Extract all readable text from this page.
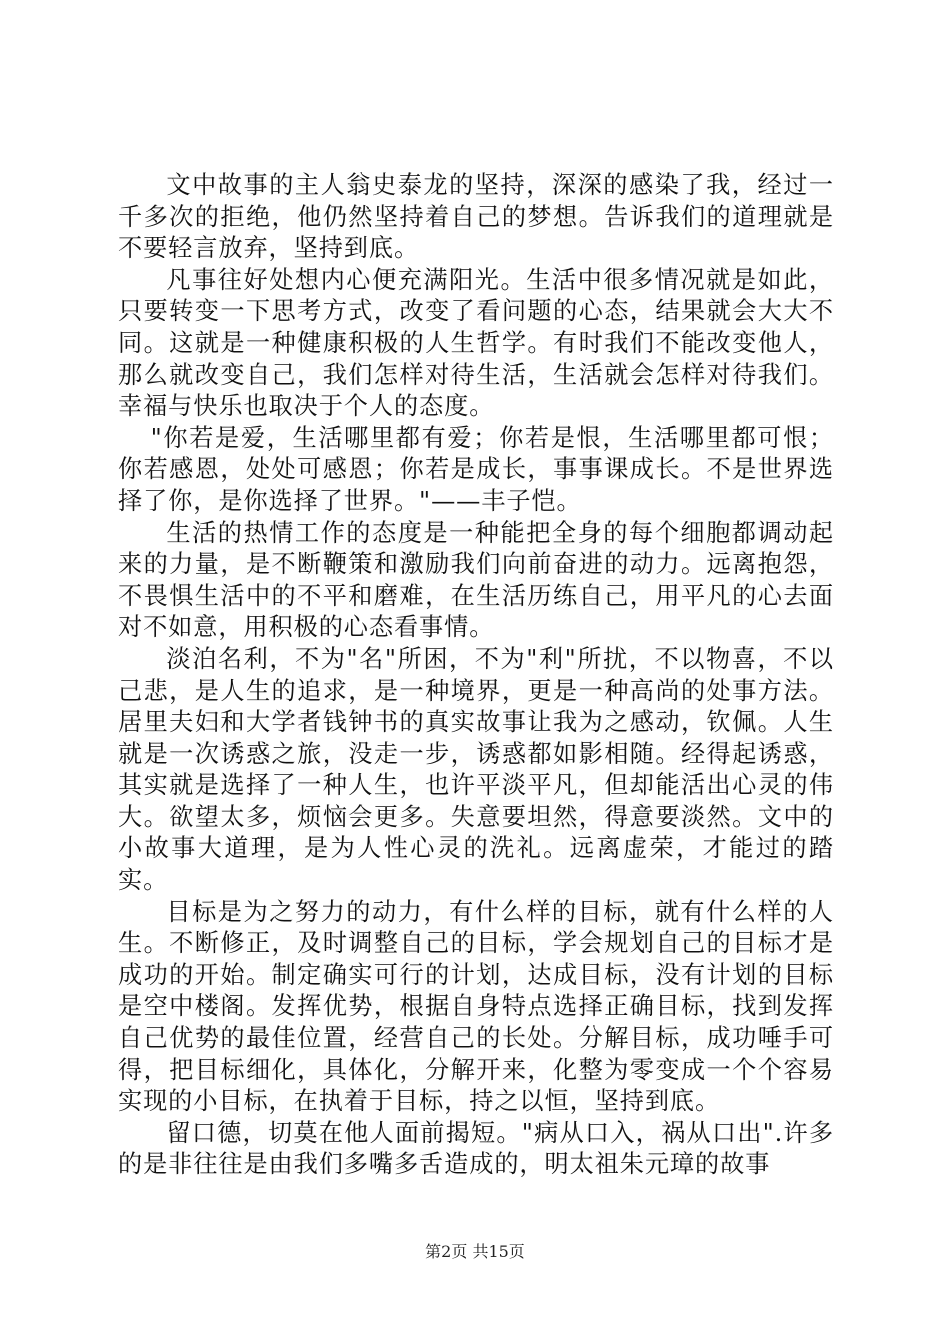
文中故事的主人翁史泰龙的坚持，深深的感染了我，经过一千多次的拒绝，他仍然坚持着自己的梦想。告诉我们的道理就是不要轻言放弃，坚持到底。

凡事往好处想内心便充满阳光。生活中很多情况就是如此，只要转变一下思考方式，改变了看问题的心态，结果就会大大不同。这就是一种健康积极的人生哲学。有时我们不能改变他人，那么就改变自己，我们怎样对待生活，生活就会怎样对待我们。幸福与快乐也取决于个人的态度。

"你若是爱，生活哪里都有爱；你若是恨，生活哪里都可恨；你若感恩，处处可感恩；你若是成长，事事课成长。不是世界选择了你，是你选择了世界。"——丰子恺。

生活的热情工作的态度是一种能把全身的每个细胞都调动起来的力量，是不断鞭策和激励我们向前奋进的动力。远离抱怨，不畏惧生活中的不平和磨难，在生活历练自己，用平凡的心去面对不如意，用积极的心态看事情。

淡泊名利，不为"名"所困，不为"利"所扰，不以物喜，不以己悲，是人生的追求，是一种境界，更是一种高尚的处事方法。居里夫妇和大学者钱钟书的真实故事让我为之感动，钦佩。人生就是一次诱惑之旅，没走一步，诱惑都如影相随。经得起诱惑，其实就是选择了一种人生，也许平淡平凡，但却能活出心灵的伟大。欲望太多，烦恼会更多。失意要坦然，得意要淡然。文中的小故事大道理，是为人性心灵的洗礼。远离虚荣，才能过的踏实。

目标是为之努力的动力，有什么样的目标，就有什么样的人生。不断修正，及时调整自己的目标，学会规划自己的目标才是成功的开始。制定确实可行的计划，达成目标，没有计划的目标是空中楼阁。发挥优势，根据自身特点选择正确目标，找到发挥自己优势的最佳位置，经营自己的长处。分解目标，成功唾手可得，把目标细化，具体化，分解开来，化整为零变成一个个容易实现的小目标，在执着于目标，持之以恒，坚持到底。

留口德，切莫在他人面前揭短。"病从口入，祸从口出".许多的是非往往是由我们多嘴多舌造成的，明太祖朱元璋的故事

第2页 共15页
